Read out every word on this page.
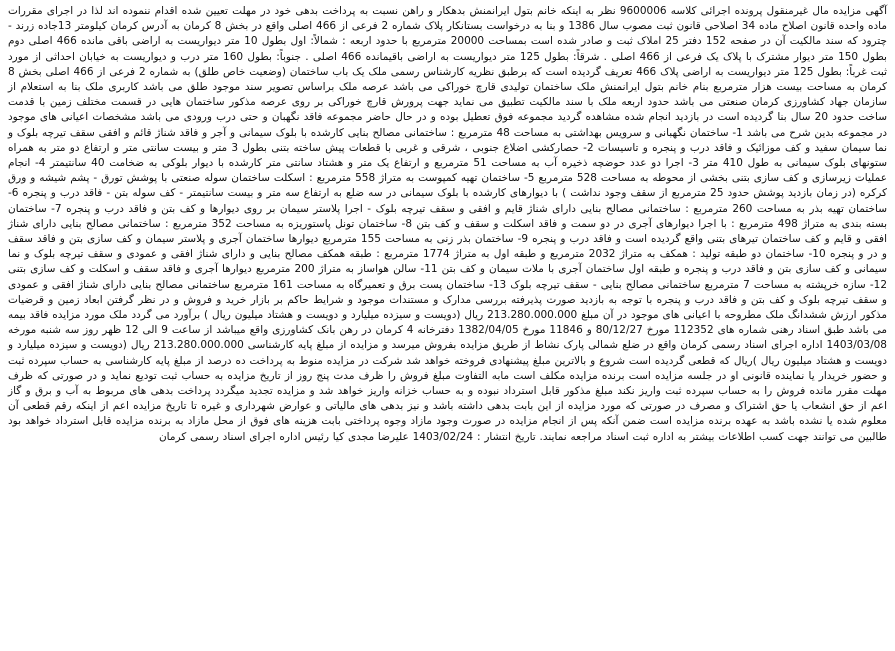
آگهی مزایده مال غیرمنقول پرونده اجرائی کلاسه 9600006 نظر به اینکه خانم بتول ایرانمنش بدهکار و راهن نسبت به پرداخت بدهی خود در مهلت تعیین شده اقدام ننموده اند لذا در اجرای مقررات ماده واحده قانون اصلاح ماده 34 اصلاحی قانون ثبت مصوب سال 1386 و بنا به درخواست بستانکار پلاک شماره 2 فرعی از 466 اصلی واقع در بخش 8 کرمان به آدرس کرمان کیلومتر 13جاده زرند - چترود که سند مالکیت آن در صفحه 152 دفتر 25 املاک ثبت و صادر شده است بمساحت 20000 مترمربع با حدود اربعه : شمالاً: اول بطول 10 متر دیواریست به اراضی باقی مانده 466 اصلی دوم بطول 150 متر دیوار مشترک با پلاک یک فرعی از 466 اصلی . شرقاً: بطول 125 متر دیواریست به اراضی باقیمانده 466 اصلی . جنوباً: بطول 160 متر درب و دیواریست به خیابان احداثی از مورد ثبت غرباً: بطول 125 متر دیواریست به اراضی پلاک 466 تعریف گردیده است که برطبق نظریه کارشناس رسمی ملک یک باب ساختمان (وضعیت خاص طلق) به شماره 2 فرعی از 466 اصلی بخش 8 کرمان به مساحت بیست هزار مترمربع بنام خانم بتول ایرانمنش ملک ساختمان تولیدی قارچ خوراکی می باشد عرصه ملک براساس تصویر سند موجود طلق می باشد کاربری ملک بنا به استعلام از سازمان جهاد کشاورزی کرمان صنعتی می باشد حدود اربعه ملک با سند مالکیت تطبیق می نماید جهت پرورش قارچ خوراکی بر روی عرصه مذکور ساختمان هایی در قسمت مختلف زمین با قدمت ساخت حدود 20 سال بنا گردیده است در بازدید انجام شده مشاهده گردید مجموعه فوق تعطیل بوده و در حال حاضر مجموعه فاقد نگهبان و حتی درب ورودی می باشد مشخصات اعیانی های موجود در مجموعه بدین شرح می باشد 1- ساختمان نگهبانی و سرویس بهداشتی به مساحت 48 مترمربع : ساختمانی مصالح بنایی کارشده با بلوک سیمانی و آجر و فاقد شناژ قائم و افقی سقف تیرچه بلوک و نما سیمان سفید و کف موزائیک و فاقد درب و پنجره و تاسیسات 2- حصارکشی اضلاع جنوبی ، شرقی و غربی با قطعات پیش ساخته بتنی بطول 3 متر و بیست سانتی متر و ارتفاع دو متر به همراه ستونهای بلوک سیمانی به طول 410 متر 3- اجرا دو عدد حوضچه ذخیره آب به مساحت 51 مترمربع و ارتفاع یک متر و هشتاد سانتی متر کارشده با دیوار بلوکی به ضخامت 40 سانتیمتر 4- انجام عملیات زیرسازی و کف سازی بتنی بخشی از محوطه به مساحت 528 مترمربع 5- ساختمان تهیه کمپوست به متراژ 558 مترمربع : اسکلت ساختمان سوله صنعتی با پوشش تورق - پشم شیشه و ورق کرکره (در زمان بازدید پوشش حدود 25 مترمربع از سقف وجود نداشت ) با دیوارهای کارشده با بلوک سیمانی در سه ضلع به ارتفاع سه متر و بیست سانتیمتر - کف سوله بتن - فاقد درب و پنجره 6- ساختمان تهیه بذر به مساحت 260 مترمربع : ساختمانی مصالح بنایی دارای شناژ قایم و افقی و سقف تیرچه بلوک - اجرا پلاستر سیمان بر روی دیوارها و کف بتن و فاقد درب و پنجره 7- ساختمان بسته بندی به متراژ 498 مترمربع : با اجرا دیوارهای آجری در دو سمت و فاقد اسکلت و سقف و کف بتن 8- ساختمان تونل پاستوریزه به مساحت 352 مترمربع : ساختمانی مصالح بنایی دارای شناژ افقی و قایم و کف ساختمان تیرهای بتنی واقع گردیده است و فاقد درب و پنجره 9- ساختمان بذر زنی به مساحت 155 مترمربع دیوارها ساختمان آجری و پلاستر سیمان و کف سازی بتن و فاقد سقف و در و پنجره 10- ساختمان دو طبقه تولید : همکف به متراژ 2032 مترمربع و طبقه اول به متراژ 1774 مترمربع : طبقه همکف مصالح بنایی و دارای شناژ افقی و عمودی و سقف تیرچه بلوک و نما سیمانی و کف سازی بتن و فاقد درب و پنجره و طبقه اول ساختمان آجری با ملات سیمان و کف بتن 11- سالن هواساز به متراژ 200 مترمربع دیوارها آجری و فاقد سقف و اسکلت و کف سازی بتنی 12- سازه خرپشته به مساحت 7 مترمربع ساختمانی مصالح بنایی - سقف تیرچه بلوک 13- ساختمان پست برق و تعمیرگاه به مساحت 161 مترمربع ساختمانی مصالح بنایی دارای شناژ افقی و عمودی و سقف تیرچه بلوک و کف بتن و فاقد درب و پنجره با توجه به بازدید صورت پذیرفته بررسی مدارک و مستندات موجود و شرایط حاکم بر بازار خرید و فروش و در نظر گرفتن ابعاد زمین و قرضیات مذکور ارزش ششدانگ ملک مطروحه با اعیانی های موجود در آن مبلغ 213.280.000.000 ریال (دویست و سیزده میلیارد و دویست و هشتاد میلیون ریال ) برآورد می گردد ملک مورد مزایده فاقد بیمه می باشد طبق اسناد رهنی شماره های 112352 مورخ 80/12/27 و 11846 مورخ 1382/04/05 دفترخانه 4 کرمان در رهن بانک کشاورزی واقع میباشد از ساعت 9 الی 12 ظهر روز سه شنبه مورخه 1403/03/08 اداره اجرای اسناد رسمی کرمان واقع در ضلع شمالی پارک نشاط از طریق مزایده بفروش میرسد و مزایده از مبلغ پایه کارشناسی 213.280.000.000 ریال (دویست و سیزده میلیارد و دویست و هشتاد میلیون ریال )ریال که قطعی گردیده است شروع و بالاترین مبلغ پیشنهادی فروخته خواهد شد شرکت در مزایده منوط به پرداخت ده درصد از مبلغ پایه کارشناسی به حساب سپرده ثبت و حضور خریدار یا نماینده قانونی او در جلسه مزایده است برنده مزایده مکلف است مابه التفاوت مبلغ فروش را ظرف مدت پنج روز از تاریخ مزایده به حساب ثبت تودیع نماید و در صورتی که ظرف مهلت مقرر مانده فروش را به حساب سپرده ثبت واریز نکند مبلغ مذکور قابل استرداد نبوده و به حساب خزانه واریز خواهد شد و مزایده تجدید میگردد پرداخت بدهی های مربوط به آب و برق و گاز اعم از حق انشعاب یا حق اشتراک و مصرف در صورتی که مورد مزایده از این بابت بدهی داشته باشد و نیز بدهی های مالیاتی و عوارض شهرداری و غیره تا تاریخ مزایده اعم از اینکه رقم قطعی آن معلوم شده یا نشده باشد به عهده برنده مزایده است ضمن آنکه پس از انجام مزایده در صورت وجود مازاد وجوه پرداختی بابت هزینه های فوق از محل مازاد به برنده مزایده قابل استرداد خواهد بود طالبین می توانند جهت کسب اطلاعات بیشتر به اداره ثبت اسناد مراجعه نمایند. تاریخ انتشار : 1403/02/24 علیرضا مجدی کیا رئیس اداره اجرای اسناد رسمی کرمان
